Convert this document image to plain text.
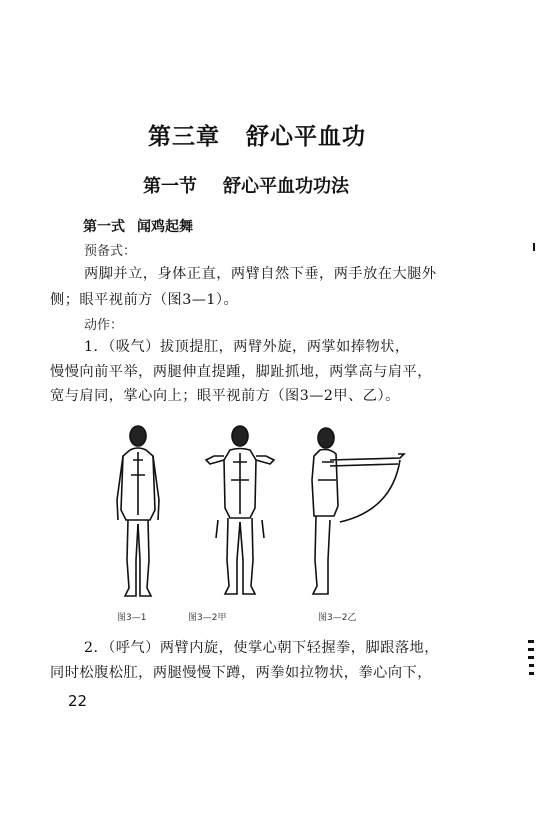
第三章 舒心平血功
第一节 舒心平血功功法
第一式 闻鸡起舞
预备式：
两脚并立，身体正直，两臂自然下垂，两手放在大腿外
侧；眼平视前方（图3—1）。
动作：
1．（吸气）拔顶提肛，两臂外旋，两掌如捧物状，
慢慢向前平举，两腿伸直提踵，脚趾抓地，两掌高与肩平，
宽与肩同，掌心向上；眼平视前方（图3—2甲、乙）。
图3—1	图3—2甲	图3—2乙
2．（呼气）两臂内旋，使掌心朝下轻握拳，脚跟落地，
同时松腹松肛，两腿慢慢下蹲，两拳如拉物状，拳心向下，
22
